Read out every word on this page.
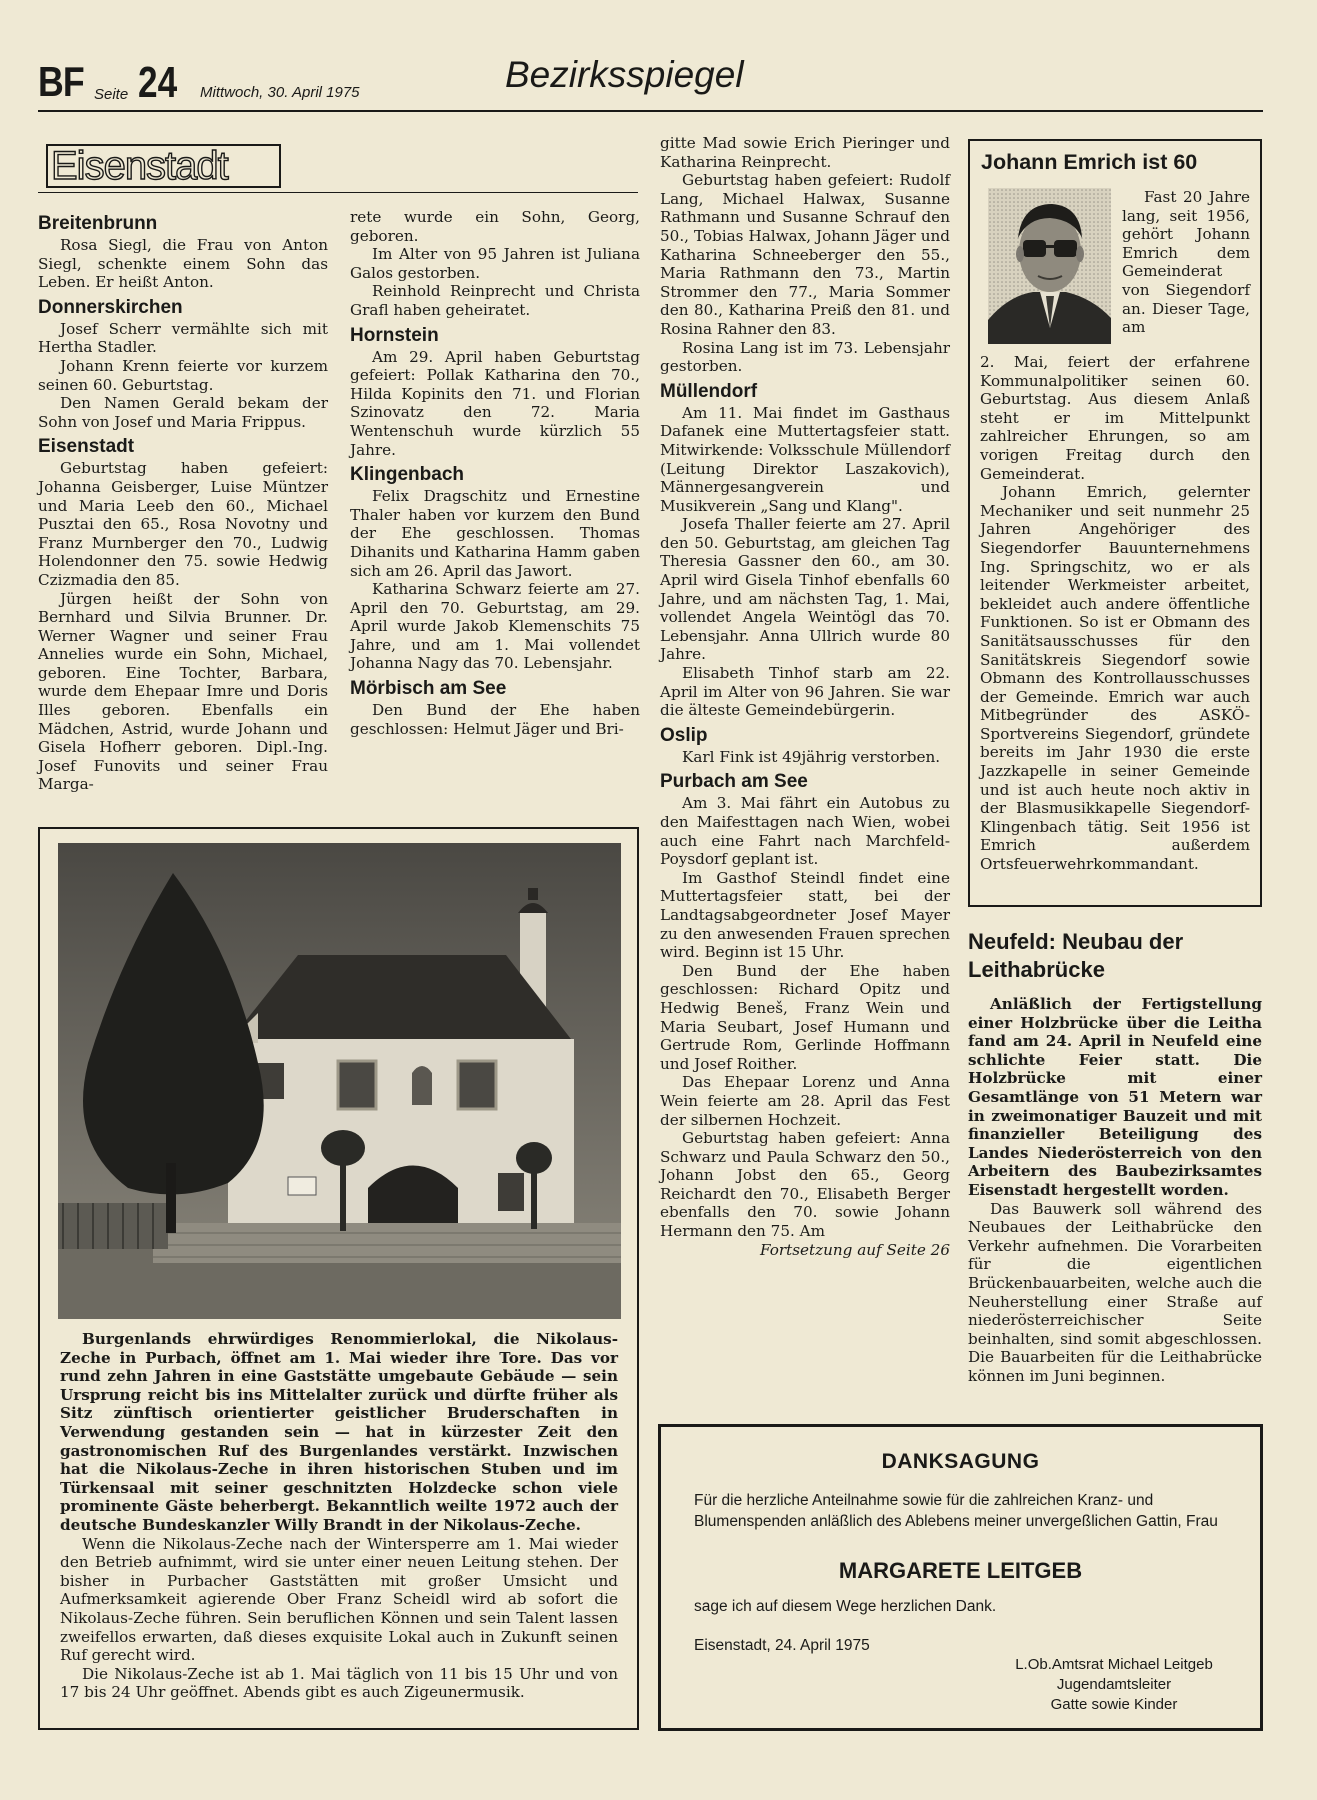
BF Seite 24 Mittwoch, 30. April 1975	Bezirksspiegel
Eisenstadt
Breitenbrunn

Rosa Siegl, die Frau von Anton Siegl, schenkte einem Sohn das Leben. Er heißt Anton.

Donnerskirchen

Josef Scherr vermählte sich mit Hertha Stadler.

Johann Krenn feierte vor kurzem seinen 60. Geburtstag.

Den Namen Gerald bekam der Sohn von Josef und Maria Frippus.

Eisenstadt

Geburtstag haben gefeiert: Johanna Geisberger, Luise Müntzer und Maria Leeb den 60., Michael Pusztai den 65., Rosa Novotny und Franz Murnberger den 70., Ludwig Holendonner den 75. sowie Hedwig Czizmadia den 85.

Jürgen heißt der Sohn von Bernhard und Silvia Brunner. Dr. Werner Wagner und seiner Frau Annelies wurde ein Sohn, Michael, geboren. Eine Tochter, Barbara, wurde dem Ehepaar Imre und Doris Illes geboren. Ebenfalls ein Mädchen, Astrid, wurde Johann und Gisela Hofherr geboren. Dipl.-Ing. Josef Funovits und seiner Frau Marga-

rete wurde ein Sohn, Georg, geboren.

Im Alter von 95 Jahren ist Juliana Galos gestorben.

Reinhold Reinprecht und Christa Grafl haben geheiratet.

Hornstein

Am 29. April haben Geburtstag gefeiert: Pollak Katharina den 70., Hilda Kopinits den 71. und Florian Szinovatz den 72. Maria Wentenschuh wurde kürzlich 55 Jahre.

Klingenbach

Felix Dragschitz und Ernestine Thaler haben vor kurzem den Bund der Ehe geschlossen. Thomas Dihanits und Katharina Hamm gaben sich am 26. April das Jawort.

Katharina Schwarz feierte am 27. April den 70. Geburtstag, am 29. April wurde Jakob Klemenschits 75 Jahre, und am 1. Mai vollendet Johanna Nagy das 70. Lebensjahr.

Mörbisch am See

Den Bund der Ehe haben geschlossen: Helmut Jäger und Bri-

gitte Mad sowie Erich Pieringer und Katharina Reinprecht.

Geburtstag haben gefeiert: Rudolf Lang, Michael Halwax, Susanne Rathmann und Susanne Schrauf den 50., Tobias Halwax, Johann Jäger und Katharina Schneeberger den 55., Maria Rathmann den 73., Martin Strommer den 77., Maria Sommer den 80., Katharina Preiß den 81. und Rosina Rahner den 83.

Rosina Lang ist im 73. Lebensjahr gestorben.

Müllendorf

Am 11. Mai findet im Gasthaus Dafanek eine Muttertagsfeier statt. Mitwirkende: Volksschule Müllendorf (Leitung Direktor Laszakovich), Männergesangverein und Musikverein „Sang und Klang".

Josefa Thaller feierte am 27. April den 50. Geburtstag, am gleichen Tag Theresia Gassner den 60., am 30. April wird Gisela Tinhof ebenfalls 60 Jahre, und am nächsten Tag, 1. Mai, vollendet Angela Weintögl das 70. Lebensjahr. Anna Ullrich wurde 80 Jahre.

Elisabeth Tinhof starb am 22. April im Alter von 96 Jahren. Sie war die älteste Gemeindebürgerin.

Oslip

Karl Fink ist 49jährig verstorben.

Purbach am See

Am 3. Mai fährt ein Autobus zu den Maifesttagen nach Wien, wobei auch eine Fahrt nach Marchfeld-Poysdorf geplant ist.

Im Gasthof Steindl findet eine Muttertagsfeier statt, bei der Landtagsabgeordneter Josef Mayer zu den anwesenden Frauen sprechen wird. Beginn ist 15 Uhr.

Den Bund der Ehe haben geschlossen: Richard Opitz und Hedwig Beneš, Franz Wein und Maria Seubart, Josef Humann und Gertrude Rom, Gerlinde Hoffmann und Josef Roither.

Das Ehepaar Lorenz und Anna Wein feierte am 28. April das Fest der silbernen Hochzeit.

Geburtstag haben gefeiert: Anna Schwarz und Paula Schwarz den 50., Johann Jobst den 65., Georg Reichardt den 70., Elisabeth Berger ebenfalls den 70. sowie Johann Hermann den 75. Am

Fortsetzung auf Seite 26

Johann Emrich ist 60

Fast 20 Jahre lang, seit 1956, gehört Johann Emrich dem Gemeinderat von Siegendorf an. Dieser Tage, am

2. Mai, feiert der erfahrene Kommunalpolitiker seinen 60. Geburtstag. Aus diesem Anlaß steht er im Mittelpunkt zahlreicher Ehrungen, so am vorigen Freitag durch den Gemeinderat.

Johann Emrich, gelernter Mechaniker und seit nunmehr 25 Jahren Angehöriger des Siegendorfer Bauunternehmens Ing. Springschitz, wo er als leitender Werkmeister arbeitet, bekleidet auch andere öffentliche Funktionen. So ist er Obmann des Sanitätsausschusses für den Sanitätskreis Siegendorf sowie Obmann des Kontrollausschusses der Gemeinde. Emrich war auch Mitbegründer des ASKÖ-Sportvereins Siegendorf, gründete bereits im Jahr 1930 die erste Jazzkapelle in seiner Gemeinde und ist auch heute noch aktiv in der Blasmusikkapelle Siegendorf-Klingenbach tätig. Seit 1956 ist Emrich außerdem Ortsfeuerwehrkommandant.

Neufeld: Neubau der Leithabrücke

Anläßlich der Fertigstellung einer Holzbrücke über die Leitha fand am 24. April in Neufeld eine schlichte Feier statt. Die Holzbrücke mit einer Gesamtlänge von 51 Metern war in zweimonatiger Bauzeit und mit finanzieller Beteiligung des Landes Niederösterreich von den Arbeitern des Baubezirksamtes Eisenstadt hergestellt worden.

Das Bauwerk soll während des Neubaues der Leithabrücke den Verkehr aufnehmen. Die Vorarbeiten für die eigentlichen Brückenbauarbeiten, welche auch die Neuherstellung einer Straße auf niederösterreichischer Seite beinhalten, sind somit abgeschlossen. Die Bauarbeiten für die Leithabrücke können im Juni beginnen.

Burgenlands ehrwürdiges Renommierlokal, die Nikolaus-Zeche in Purbach, öffnet am 1. Mai wieder ihre Tore. Das vor rund zehn Jahren in eine Gaststätte umgebaute Gebäude — sein Ursprung reicht bis ins Mittelalter zurück und dürfte früher als Sitz zünftisch orientierter geistlicher Bruderschaften in Verwendung gestanden sein — hat in kürzester Zeit den gastronomischen Ruf des Burgenlandes verstärkt. Inzwischen hat die Nikolaus-Zeche in ihren historischen Stuben und im Türkensaal mit seiner geschnitzten Holzdecke schon viele prominente Gäste beherbergt. Bekanntlich weilte 1972 auch der deutsche Bundeskanzler Willy Brandt in der Nikolaus-Zeche.

Wenn die Nikolaus-Zeche nach der Wintersperre am 1. Mai wieder den Betrieb aufnimmt, wird sie unter einer neuen Leitung stehen. Der bisher in Purbacher Gaststätten mit großer Umsicht und Aufmerksamkeit agierende Ober Franz Scheidl wird ab sofort die Nikolaus-Zeche führen. Sein beruflichen Können und sein Talent lassen zweifellos erwarten, daß dieses exquisite Lokal auch in Zukunft seinen Ruf gerecht wird.

Die Nikolaus-Zeche ist ab 1. Mai täglich von 11 bis 15 Uhr und von 17 bis 24 Uhr geöffnet. Abends gibt es auch Zigeunermusik.

DANKSAGUNG
Für die herzliche Anteilnahme sowie für die zahlreichen Kranz- und Blumenspenden anläßlich des Ablebens meiner unvergeßlichen Gattin, Frau
MARGARETE LEITGEB
sage ich auf diesem Wege herzlichen Dank.
Eisenstadt, 24. April 1975
L.Ob.Amtsrat Michael Leitgeb
Jugendamtsleiter
Gatte sowie Kinder
